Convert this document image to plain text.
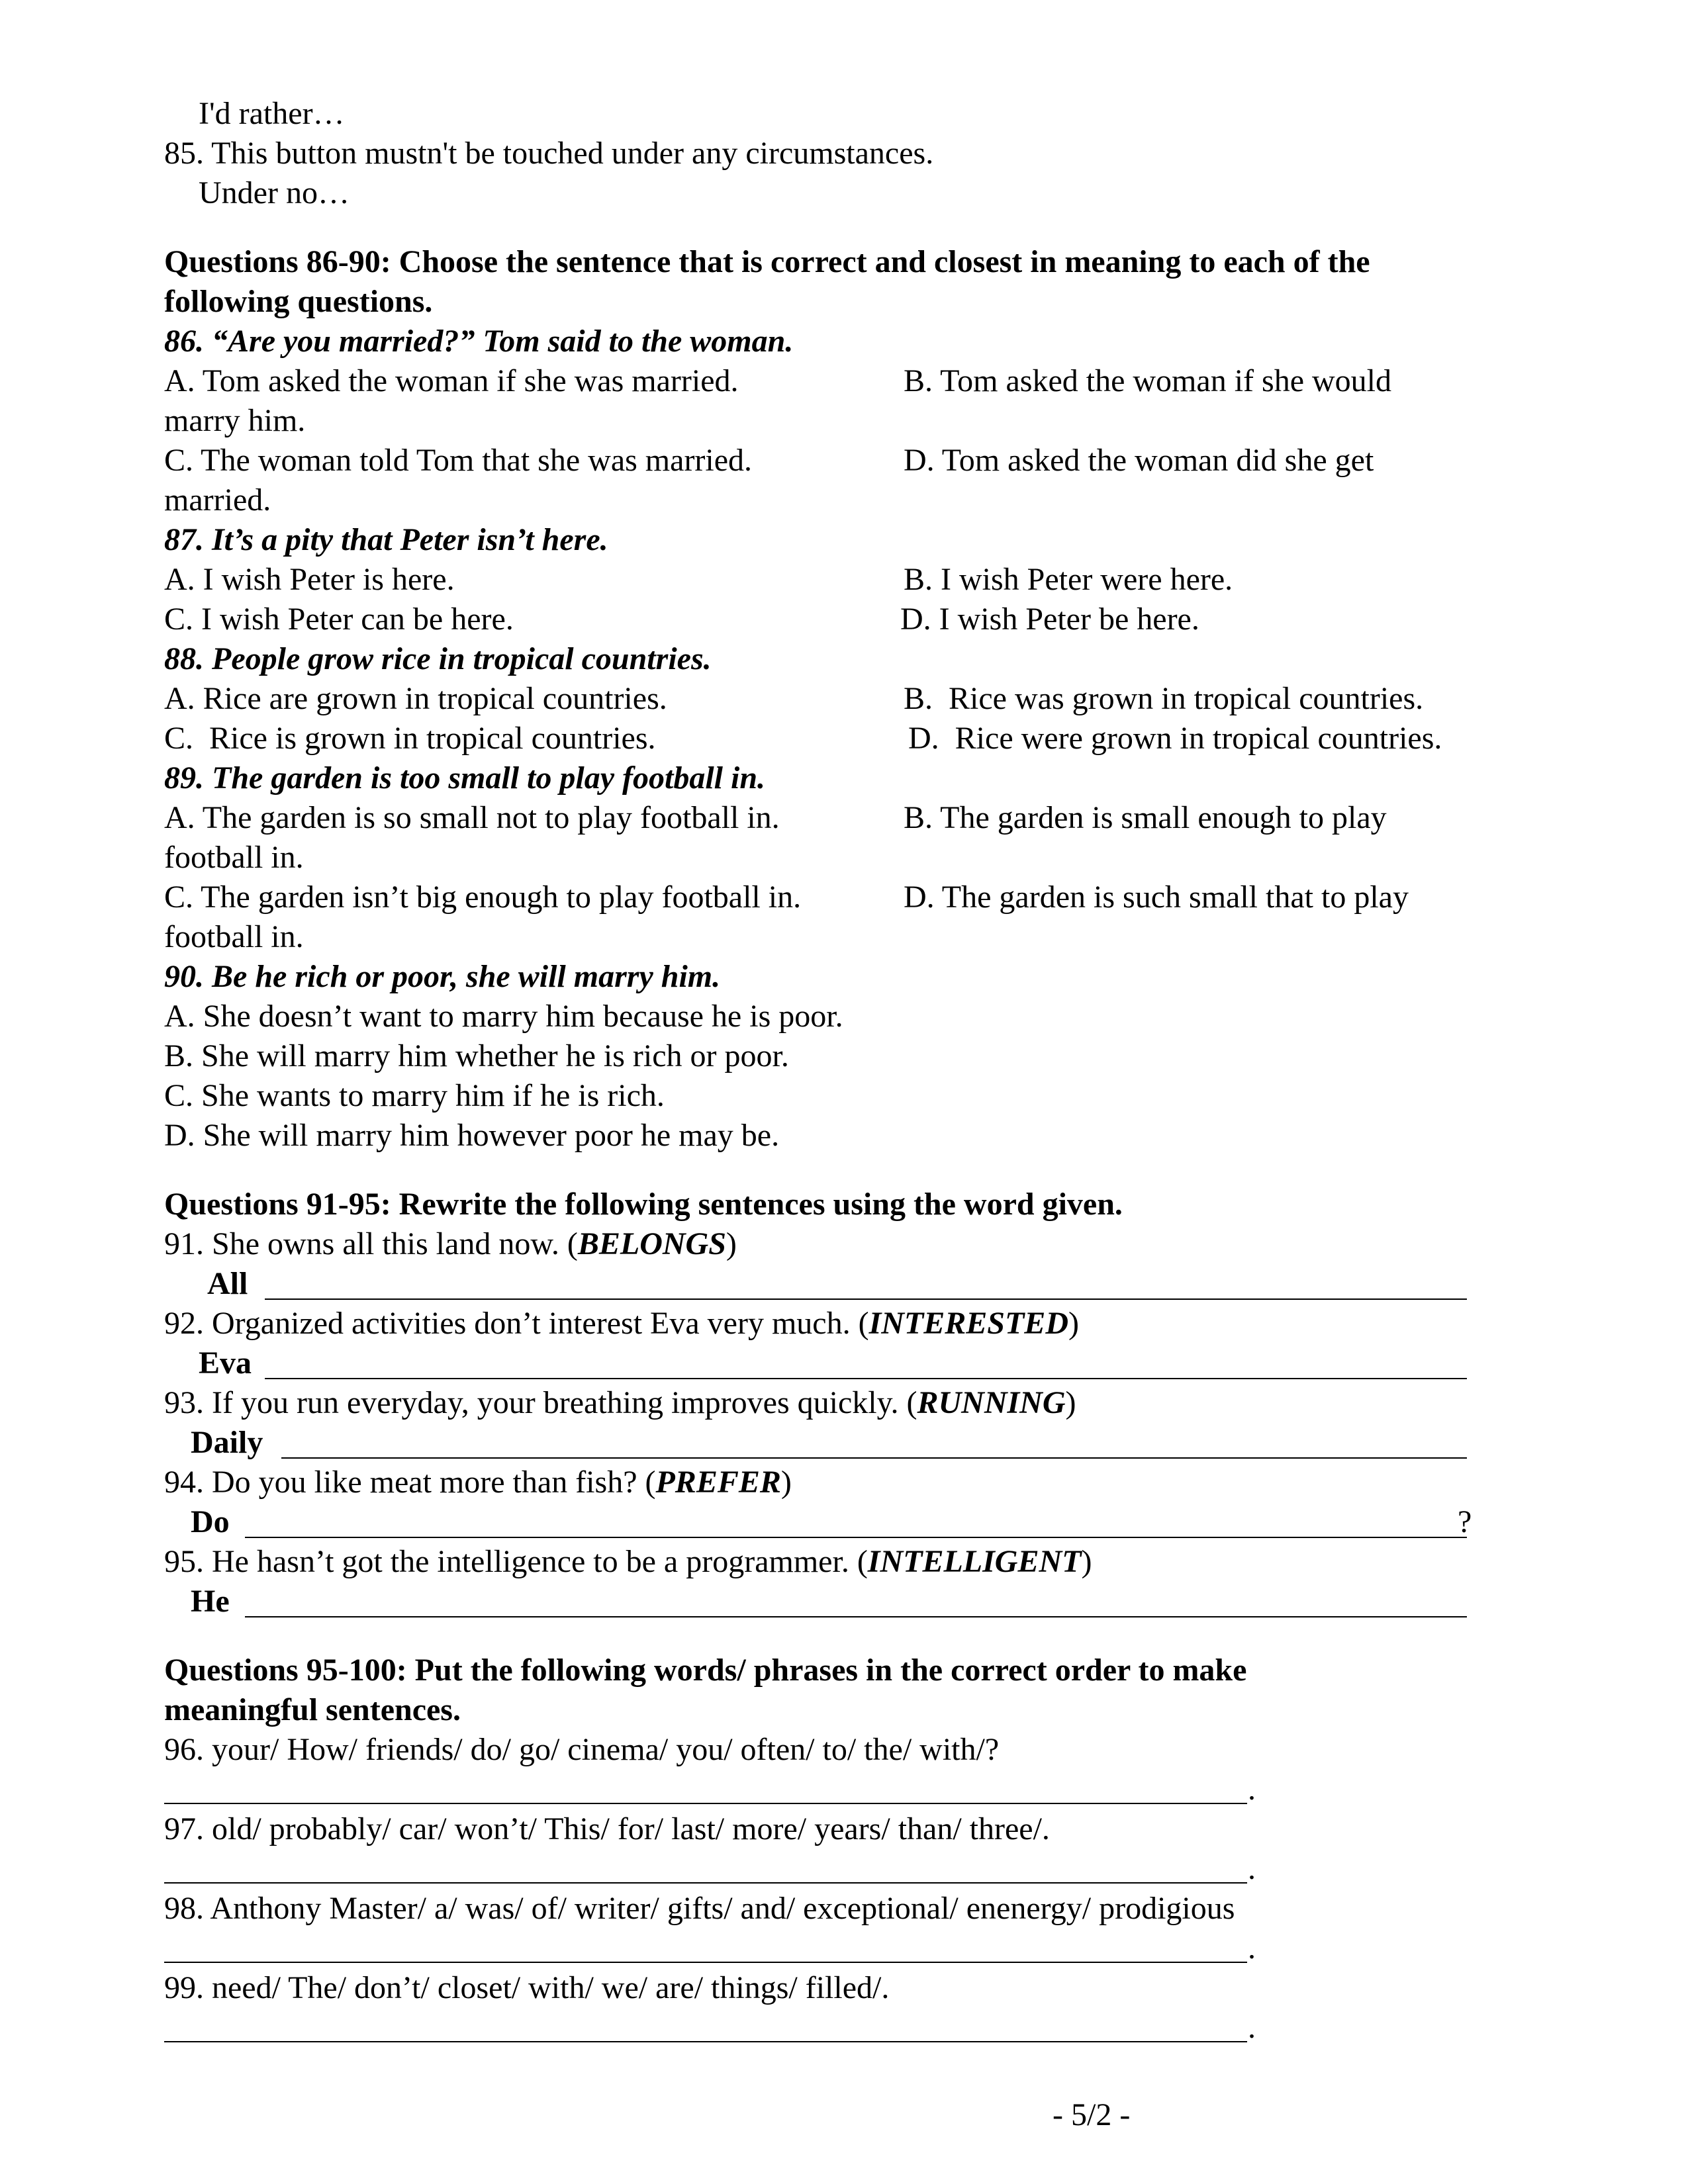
I'd rather…
85. This button mustn't be touched under any circumstances.
Under no…
Questions 86-90: Choose the sentence that is correct and closest in meaning to each of the
following questions.
86. “Are you married?” Tom said to the woman.
A. Tom asked the woman if she was married.	B. Tom asked the woman if she would
marry him.
C. The woman told Tom that she was married.	D. Tom asked the woman did she get
married.
87. It’s a pity that Peter isn’t here.
A. I wish Peter is here.	B. I wish Peter were here.
C. I wish Peter can be here.	D. I wish Peter be here.
88. People grow rice in tropical countries.
A. Rice are grown in tropical countries.	B.  Rice was grown in tropical countries.
C.  Rice is grown in tropical countries.	D.  Rice were grown in tropical countries.
89. The garden is too small to play football in.
A. The garden is so small not to play football in.	B. The garden is small enough to play
football in.
C. The garden isn’t big enough to play football in.	D. The garden is such small that to play
football in.
90. Be he rich or poor, she will marry him.
A. She doesn’t want to marry him because he is poor.
B. She will marry him whether he is rich or poor.
C. She wants to marry him if he is rich.
D. She will marry him however poor he may be.
Questions 91-95: Rewrite the following sentences using the word given.
91. She owns all this land now. (BELONGS)
All
92. Organized activities don’t interest Eva very much. (INTERESTED)
Eva
93. If you run everyday, your breathing improves quickly. (RUNNING)
Daily
94. Do you like meat more than fish? (PREFER)
Do	?
95. He hasn’t got the intelligence to be a programmer. (INTELLIGENT)
He
Questions 95-100: Put the following words/ phrases in the correct order to make
meaningful sentences.
96. your/ How/ friends/ do/ go/ cinema/ you/ often/ to/ the/ with/?
.
97. old/ probably/ car/ won’t/ This/ for/ last/ more/ years/ than/ three/.
.
98. Anthony Master/ a/ was/ of/ writer/ gifts/ and/ exceptional/ enenergy/ prodigious
.
99. need/ The/ don’t/ closet/ with/ we/ are/ things/ filled/.
.
- 5/2 -
